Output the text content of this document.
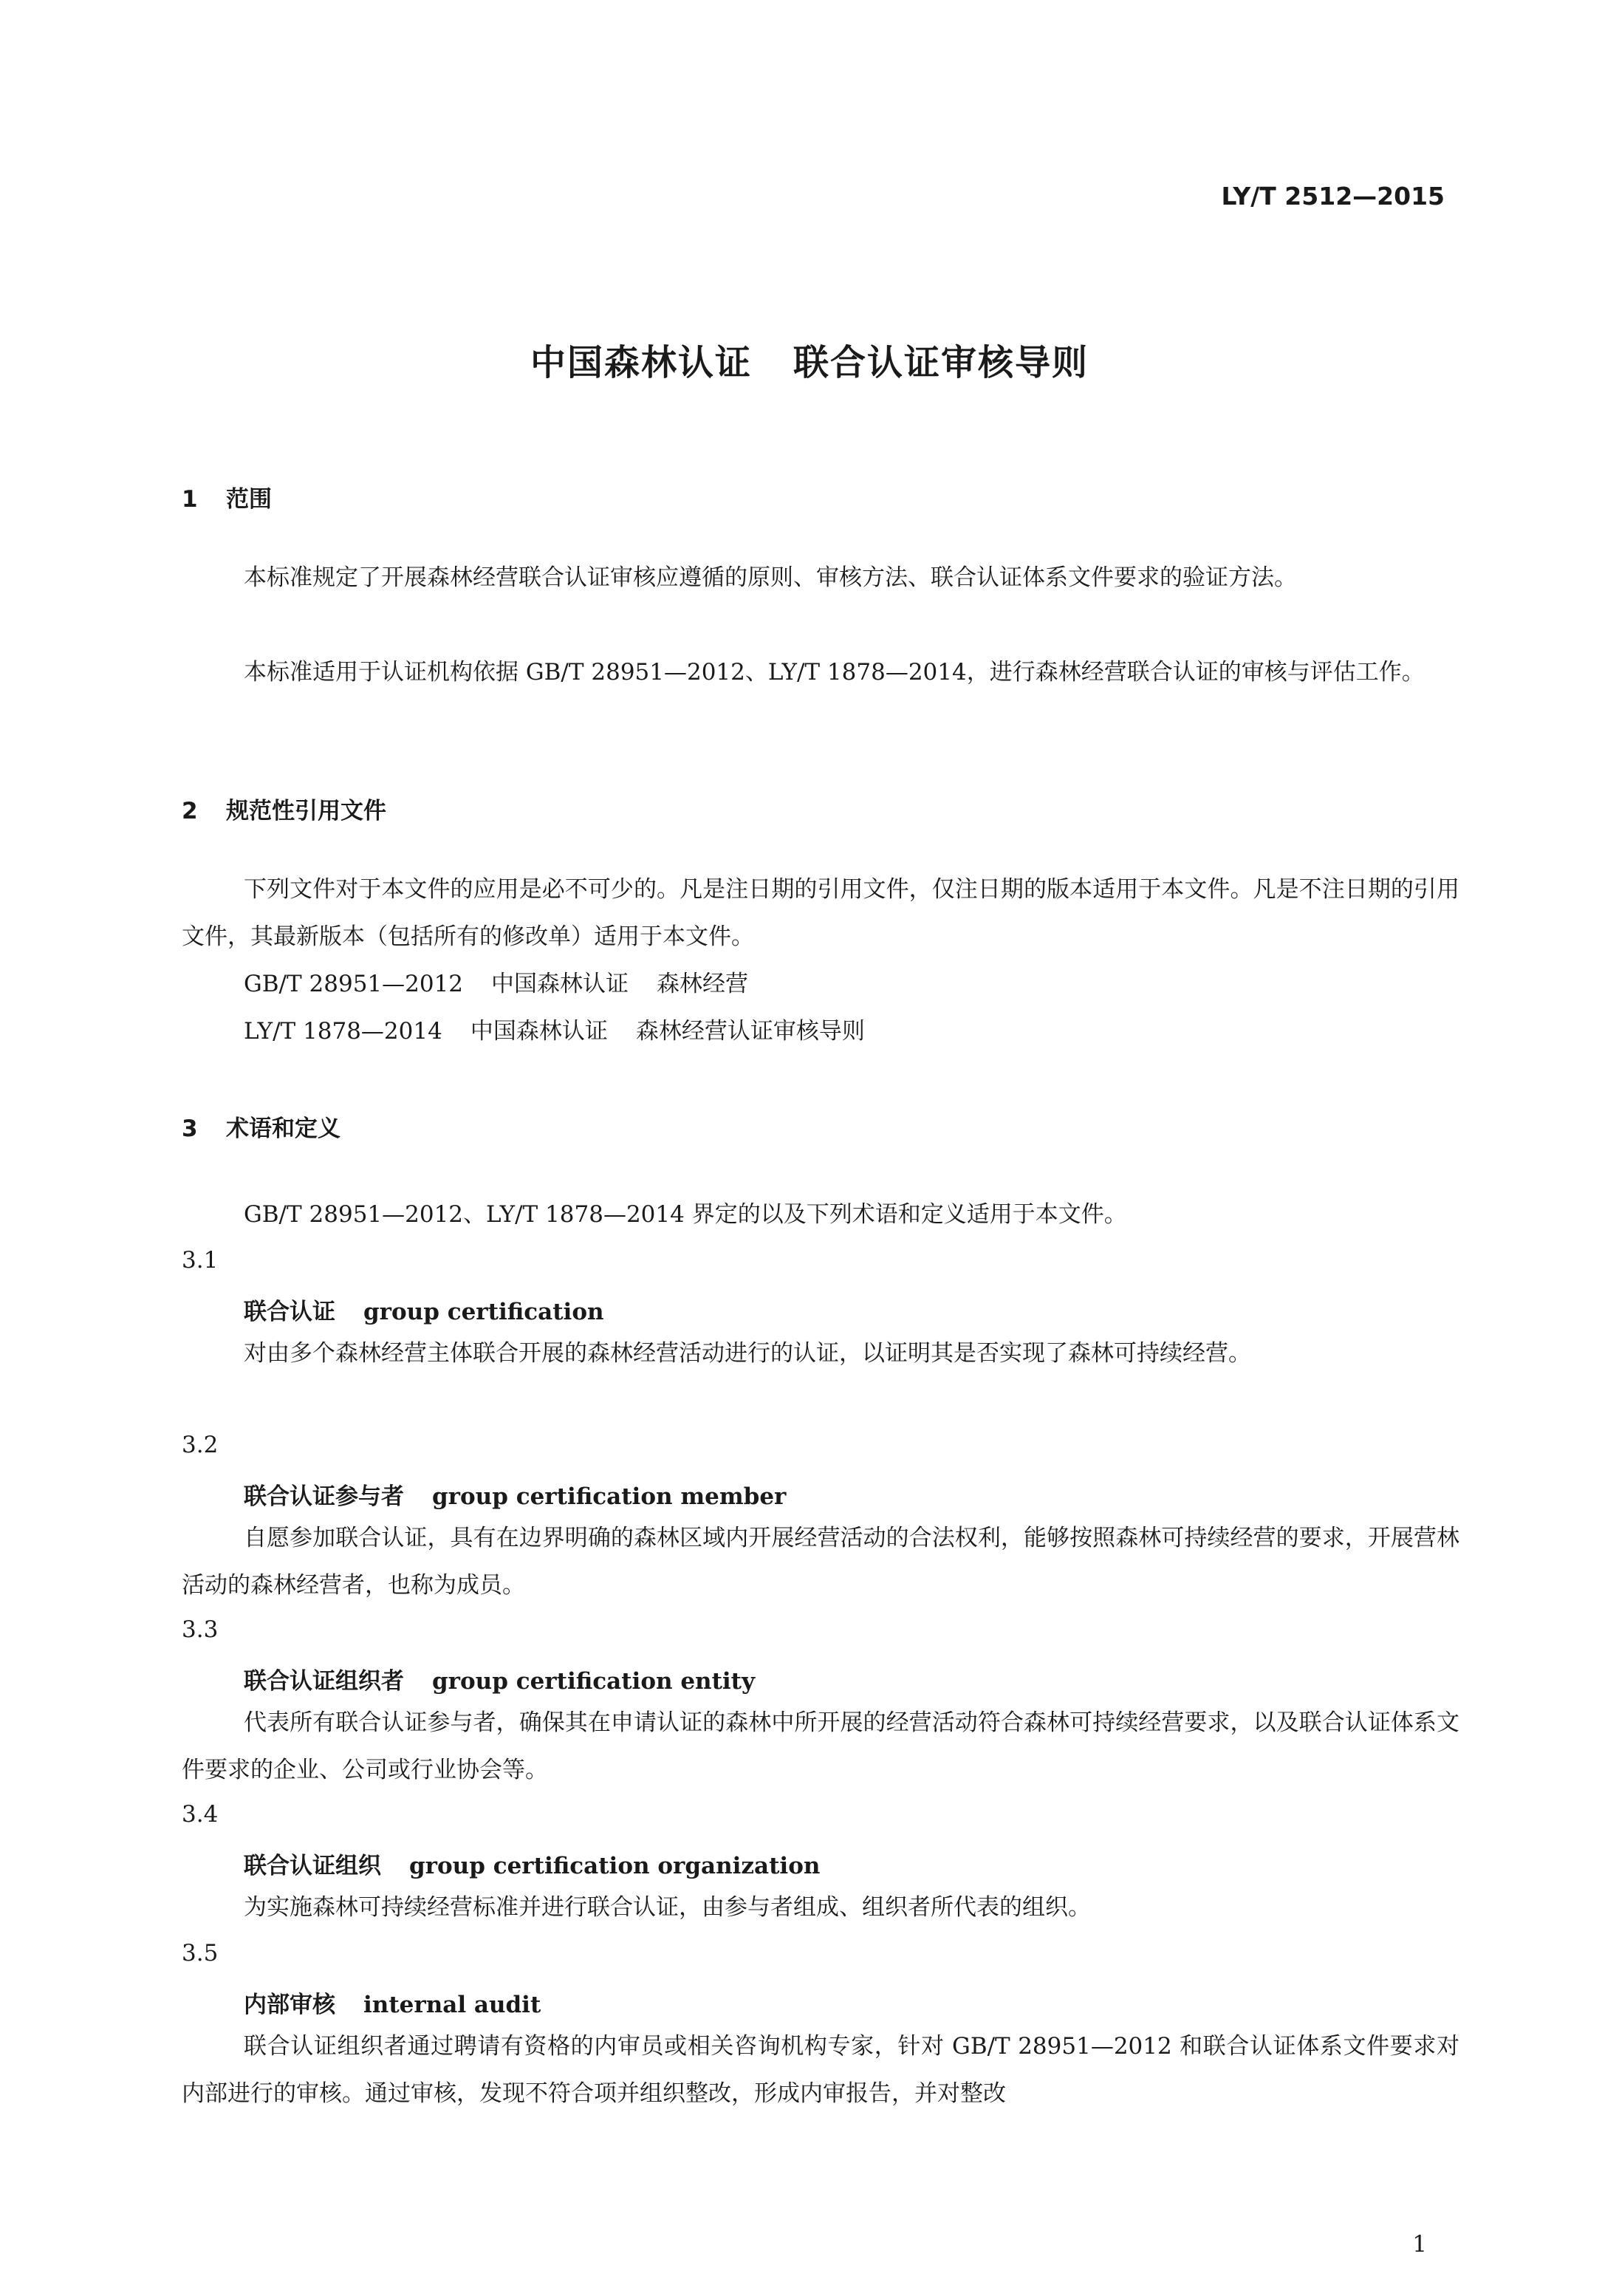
LY/T 2512—2015
中国森林认证 联合认证审核导则
1 范围
本标准规定了开展森林经营联合认证审核应遵循的原则、审核方法、联合认证体系文件要求的验证方法。
本标准适用于认证机构依据 GB/T 28951—2012、LY/T 1878—2014，进行森林经营联合认证的审核与评估工作。
2 规范性引用文件
下列文件对于本文件的应用是必不可少的。凡是注日期的引用文件，仅注日期的版本适用于本文件。凡是不注日期的引用文件，其最新版本（包括所有的修改单）适用于本文件。
GB/T 28951—2012 中国森林认证 森林经营
LY/T 1878—2014 中国森林认证 森林经营认证审核导则
3 术语和定义
GB/T 28951—2012、LY/T 1878—2014 界定的以及下列术语和定义适用于本文件。
3.1
联合认证 group certification
对由多个森林经营主体联合开展的森林经营活动进行的认证，以证明其是否实现了森林可持续经营。
3.2
联合认证参与者 group certification member
自愿参加联合认证，具有在边界明确的森林区域内开展经营活动的合法权利，能够按照森林可持续经营的要求，开展营林活动的森林经营者，也称为成员。
3.3
联合认证组织者 group certification entity
代表所有联合认证参与者，确保其在申请认证的森林中所开展的经营活动符合森林可持续经营要求，以及联合认证体系文件要求的企业、公司或行业协会等。
3.4
联合认证组织 group certification organization
为实施森林可持续经营标准并进行联合认证，由参与者组成、组织者所代表的组织。
3.5
内部审核 internal audit
联合认证组织者通过聘请有资格的内审员或相关咨询机构专家，针对 GB/T 28951—2012 和联合认证体系文件要求对内部进行的审核。通过审核，发现不符合项并组织整改，形成内审报告，并对整改
1
